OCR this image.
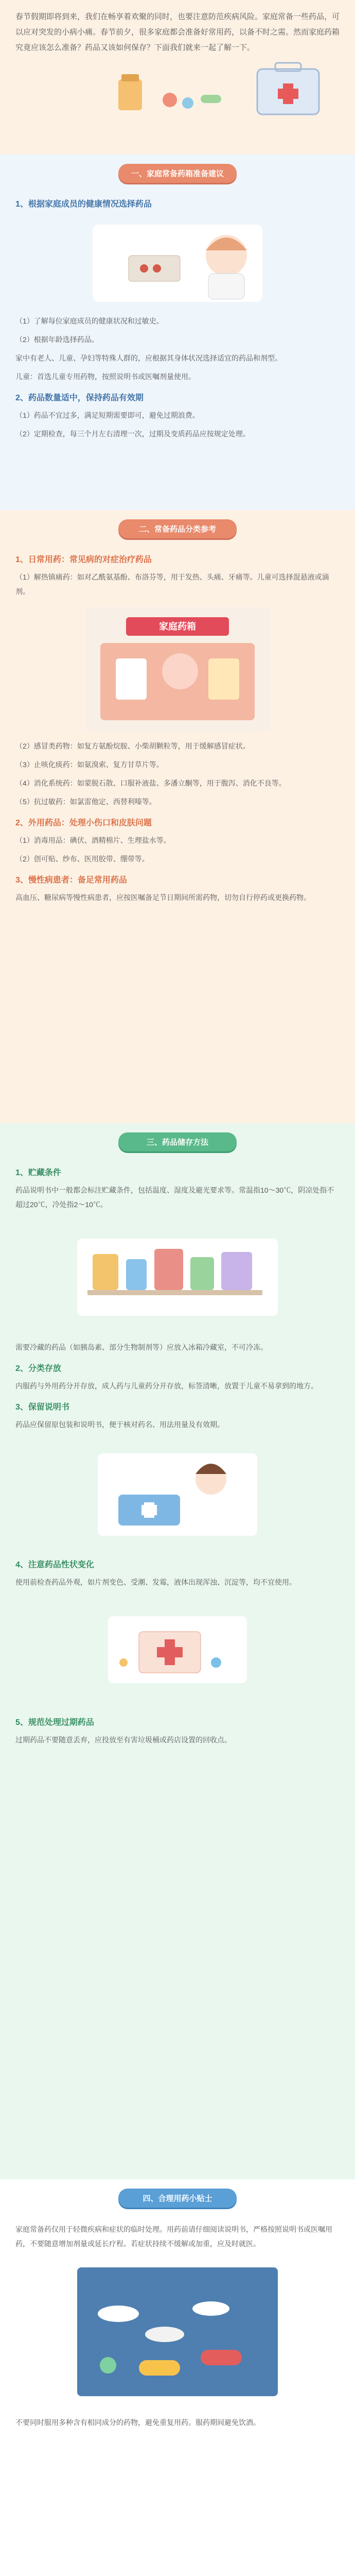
春节假期即将到来，我们在畅享着欢聚的同时，也要注意防范疾病风险。家庭常备一些药品，可以应对突发的小病小痛。春节前夕，很多家庭都会准备好常用药，以备不时之需。然而家庭药箱究竟应该怎么准备？药品又该如何保存？下面我们就来一起了解一下。
一、家庭常备药箱准备建议
1、根据家庭成员的健康情况选择药品
（1）了解每位家庭成员的健康状况和过敏史。
（2）根据年龄选择药品。
家中有老人、儿童、孕妇等特殊人群的，应根据其身体状况选择适宜的药品和剂型。
儿童：首选儿童专用药物，按照说明书或医嘱剂量使用。
2、药品数量适中，保持药品有效期
（1）药品不宜过多，满足短期需要即可，避免过期浪费。
（2）定期检查，每三个月左右清理一次，过期及变质药品应按规定处理。
二、常备药品分类参考
1、日常用药：常见病的对症治疗药品
（1）解热镇痛药：如对乙酰氨基酚、布洛芬等，用于发热、头痛、牙痛等。儿童可选择混悬液或滴剂。
家庭药箱
（2）感冒类药物：如复方氨酚烷胺、小柴胡颗粒等，用于缓解感冒症状。
（3）止咳化痰药：如氨溴索、复方甘草片等。
（4）消化系统药：如蒙脱石散、口服补液盐、多潘立酮等，用于腹泻、消化不良等。
（5）抗过敏药：如氯雷他定、西替利嗪等。
2、外用药品：处理小伤口和皮肤问题
（1）消毒用品：碘伏、酒精棉片、生理盐水等。
（2）创可贴、纱布、医用胶带、绷带等。
3、慢性病患者：备足常用药品
高血压、糖尿病等慢性病患者，应按医嘱备足节日期间所需药物，切勿自行停药或更换药物。
三、药品储存方法
1、贮藏条件
药品说明书中一般都会标注贮藏条件，包括温度、湿度及避光要求等。常温指10～30℃，阴凉处指不超过20℃，冷处指2～10℃。
需要冷藏的药品（如胰岛素、部分生物制剂等）应放入冰箱冷藏室，不可冷冻。
2、分类存放
内服药与外用药分开存放，成人药与儿童药分开存放，标签清晰，放置于儿童不易拿到的地方。
3、保留说明书
药品应保留原包装和说明书，便于核对药名、用法用量及有效期。
4、注意药品性状变化
使用前检查药品外观，如片剂变色、受潮、发霉，液体出现浑浊、沉淀等，均不宜使用。
5、规范处理过期药品
过期药品不要随意丢弃，应投放至有害垃圾桶或药店设置的回收点。
四、合理用药小贴士
家庭常备药仅用于轻微疾病和症状的临时处理。用药前请仔细阅读说明书，严格按照说明书或医嘱用药，不要随意增加剂量或延长疗程。若症状持续不缓解或加重，应及时就医。
不要同时服用多种含有相同成分的药物，避免重复用药。服药期间避免饮酒。
